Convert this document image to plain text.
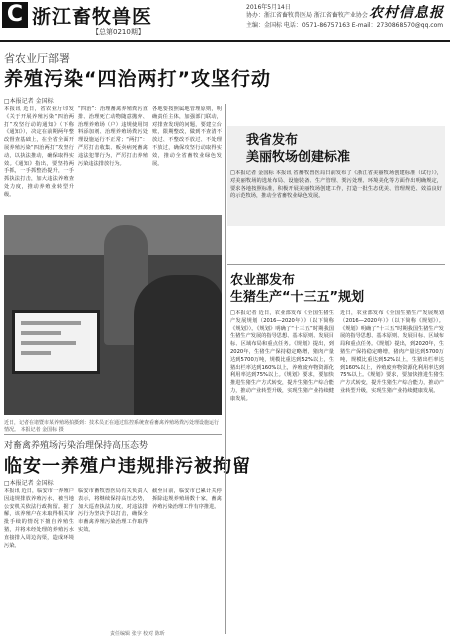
C 浙江畜牧兽医
【总第0210期】
2016年5月14日
协办：浙江省畜牧兽医局 浙江省畜牧产业协会 农村信息报
主编：金国标 电话：0571-86757163 E-mail：2730868570@qq.com
省农业厅部署
养殖污染“四治两打”攻坚行动
□本报记者 金国标
本报讯 近日，省农业厅印发《关于开展养殖污染“四治两打”攻坚行动的通知》（下称《通知》），决定在前期两年整改督查基础上，在全省全面开展养殖污染“四治两打”攻坚行动，以执法推动，确保取得实效。《通知》指出，要坚持两手抓，一手抓整治提升，一手抓执法打击，加大违法养殖查处力度，推动养殖业转型升级。
“四治”：治理畜禽养殖粪污直排、治理死亡动物随意抛弃、治理养殖场（户）违规使用饲料添加剂、治理养殖场粪污处理设施运行不正常；“两打”：严厉打击收集、贩卖病死畜禽违法犯罪行为，严厉打击养殖污染违法排放行为。
各地要按照属地管理原则，明确责任主体，加强部门联动，对排查发现的问题，要建立台账，限期整改，做到不查清不放过、不整改不放过、不处理不放过，确保攻坚行动取得实效，推动全省畜牧业绿色发展。
近日，记者在诸暨市某养殖场拍摄到：技术员正在通过监控系统查看畜禽养殖场粪污处理设施运行情况。 本报记者 金国标 摄
对畜禽养殖场污染治理保持高压态势
临安一养殖户违规排污被拘留
□本报记者 金国标
本报讯 近日，临安市一养殖户因违规排放养殖污水，被当地公安机关依法行政拘留。据了解，该养殖户在未取得相关审批手续的情况下擅自养殖生猪，并将未经处理的养殖污水直接排入周边沟渠，造成环境污染。
临安市畜牧兽医局有关负责人表示，将继续保持高压态势，加大巡查执法力度，对违法排污行为坚决予以打击，确保全市畜禽养殖污染治理工作取得实效。
截至目前，临安市已累计关停拆除违规养殖场数十家，畜禽养殖污染治理工作有序推进。
我省发布
美丽牧场创建标准
□本报记者 金国标 本报讯 省畜牧兽医局日前发布了《浙江省美丽牧场创建标准（试行）》，对美丽牧场的选址布局、设施装备、生产管理、粪污处理、环境美化等方面作出明确规定，要求各地按照标准，积极开展美丽牧场创建工作，打造一批生态优美、管理规范、效益良好的示范牧场，推动全省畜牧业绿色发展。
农业部发布
生猪生产“十三五”规划
□本报记者 近日，农业部发布《全国生猪生产发展规划（2016—2020年）》（以下简称《规划》）。《规划》明确了“十三五”时期我国生猪生产发展的指导思想、基本原则、发展目标、区域布局和重点任务。《规划》提出，到2020年，生猪生产保持稳定略增，猪肉产量达到5700万吨，规模比重达到52%以上，生猪出栏率达到160%以上，养殖废弃物资源化利用率达到75%以上。《规划》要求，要加快推进生猪生产方式转变，提升生猪生产综合能力，推动产业转型升级，实现生猪产业持续健康发展。
近日，农业部发布《全国生猪生产发展规划（2016—2020年）》（以下简称《规划》）。《规划》明确了“十三五”时期我国生猪生产发展的指导思想、基本原则、发展目标、区域布局和重点任务。《规划》提出，到2020年，生猪生产保持稳定略增，猪肉产量达到5700万吨，规模比重达到52%以上，生猪出栏率达到160%以上，养殖废弃物资源化利用率达到75%以上。《规划》要求，要加快推进生猪生产方式转变，提升生猪生产综合能力，推动产业转型升级，实现生猪产业持续健康发展。
责任编辑 张宇 校对 陈昕
